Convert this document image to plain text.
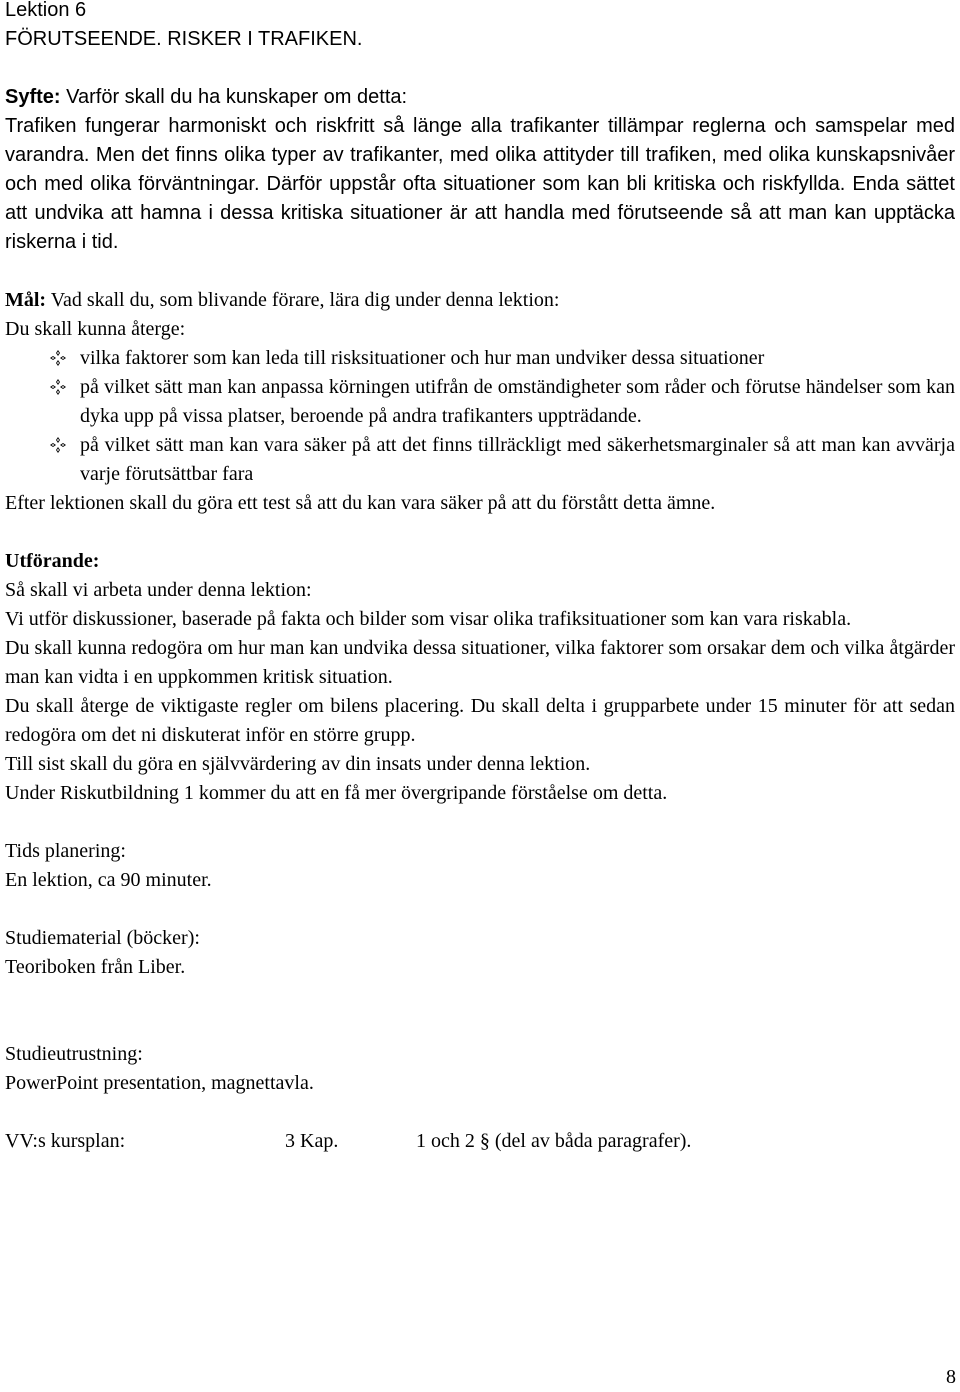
Lektion 6
FÖRUTSEENDE. RISKER I TRAFIKEN.
Syfte: Varför skall du ha kunskaper om detta:
Trafiken fungerar harmoniskt och riskfritt så länge alla trafikanter tillämpar reglerna och samspelar med varandra. Men det finns olika typer av trafikanter, med olika attityder till trafiken, med olika kunskapsnivåer och med olika förväntningar. Därför uppstår ofta situationer som kan bli kritiska och riskfyllda. Enda sättet att undvika att hamna i dessa kritiska situationer är att handla med förutseende så att man kan upptäcka riskerna i tid.
Mål: Vad skall du, som blivande förare, lära dig under denna lektion:
Du skall kunna återge:
vilka faktorer som kan leda till risksituationer och hur man undviker dessa situationer
på vilket sätt man kan anpassa körningen utifrån de omständigheter som råder och förutse händelser som kan dyka upp på vissa platser, beroende på andra trafikanters uppträdande.
på vilket sätt man kan vara säker på att det finns tillräckligt med säkerhetsmarginaler så att man kan avvärja varje förutsättbar fara
Efter lektionen skall du göra ett test så att du kan vara säker på att du förstått detta ämne.
Utförande:
Så skall vi arbeta under denna lektion:
Vi utför diskussioner, baserade på fakta och bilder som visar olika trafiksituationer som kan vara riskabla.
Du skall kunna redogöra om hur man kan undvika dessa situationer, vilka faktorer som orsakar dem och vilka åtgärder man kan vidta i en uppkommen kritisk situation.
Du skall återge de viktigaste regler om bilens placering. Du skall delta i grupparbete under 15 minuter för att sedan redogöra om det ni diskuterat inför en större grupp.
Till sist skall du göra en självvärdering av din insats under denna lektion.
Under Riskutbildning 1 kommer du att en få mer övergripande förståelse om detta.
Tids planering:
En lektion, ca 90 minuter.
Studiematerial (böcker):
Teoriboken från Liber.
Studieutrustning:
PowerPoint presentation, magnettavla.
VV:s kursplan:	3 Kap.	1 och 2 § (del av båda paragrafer).
8
